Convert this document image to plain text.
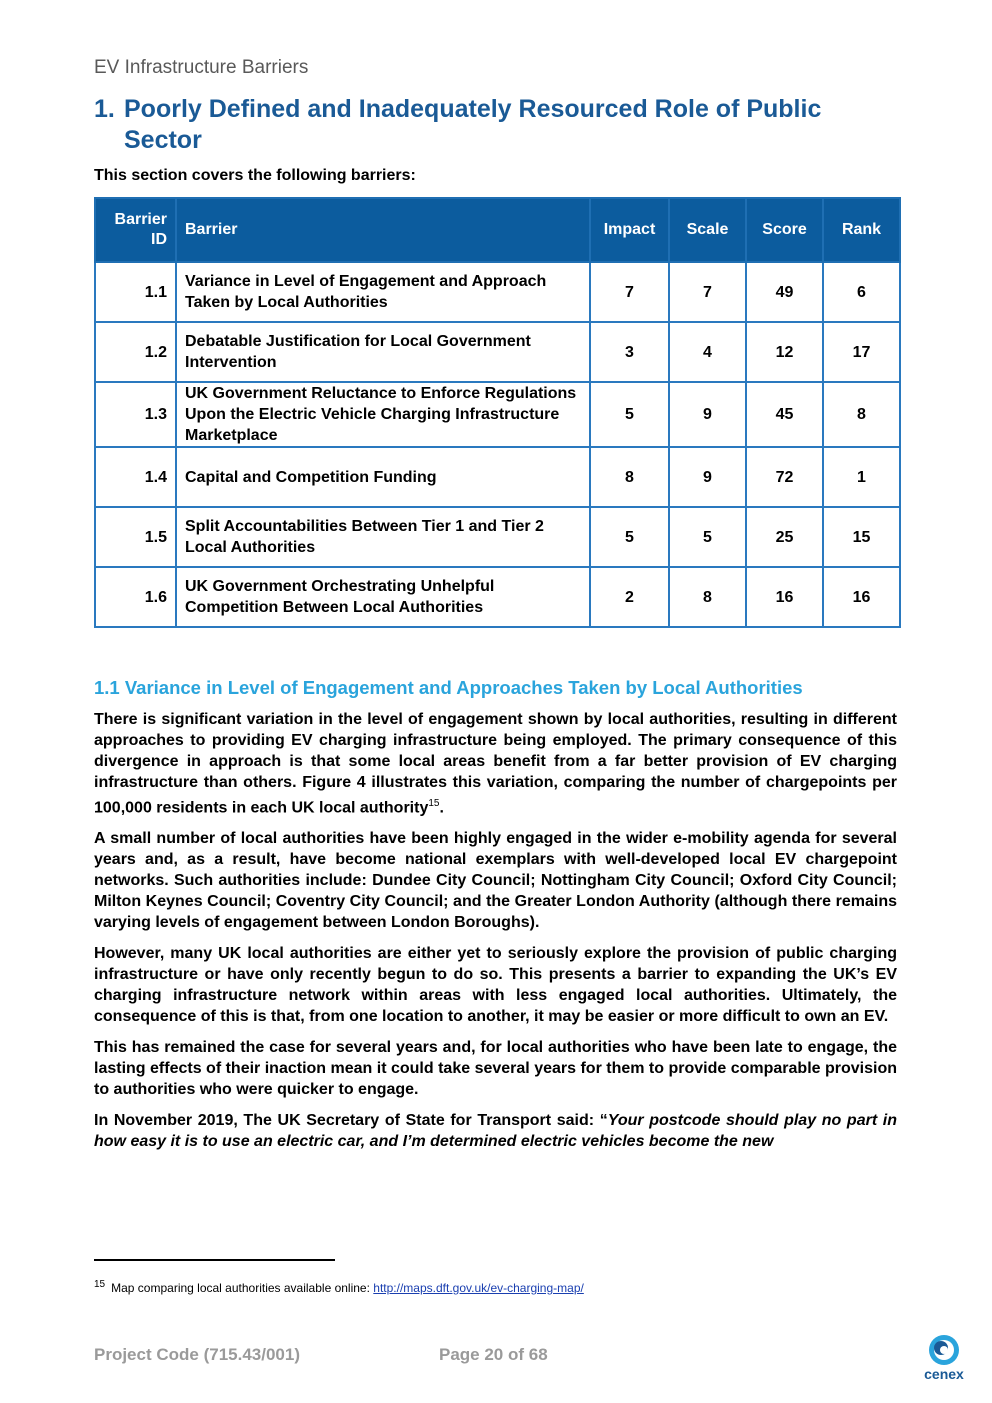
EV Infrastructure Barriers
1. Poorly Defined and Inadequately Resourced Role of Public
Sector
This section covers the following barriers:
Barrier
ID	Barrier	Impact	Scale	Score	Rank
1.1	Variance in Level of Engagement and Approach Taken by Local Authorities	7	7	49	6
1.2	Debatable Justification for Local Government Intervention	3	4	12	17
1.3	UK Government Reluctance to Enforce Regulations Upon the Electric Vehicle Charging Infrastructure Marketplace	5	9	45	8
1.4	Capital and Competition Funding	8	9	72	1
1.5	Split Accountabilities Between Tier 1 and Tier 2 Local Authorities	5	5	25	15
1.6	UK Government Orchestrating Unhelpful Competition Between Local Authorities	2	8	16	16
1.1 Variance in Level of Engagement and Approaches Taken by Local Authorities

There is significant variation in the level of engagement shown by local authorities, resulting in different approaches to providing EV charging infrastructure being employed. The primary consequence of this divergence in approach is that some local areas benefit from a far better provision of EV charging infrastructure than others. Figure 4 illustrates this variation, comparing the number of chargepoints per 100,000 residents in each UK local authority$^{15}$.

A small number of local authorities have been highly engaged in the wider e-mobility agenda for several years and, as a result, have become national exemplars with well-developed local EV chargepoint networks. Such authorities include: Dundee City Council; Nottingham City Council; Oxford City Council; Milton Keynes Council; Coventry City Council; and the Greater London Authority (although there remains varying levels of engagement between London Boroughs).

However, many UK local authorities are either yet to seriously explore the provision of public charging infrastructure or have only recently begun to do so. This presents a barrier to expanding the UK’s EV charging infrastructure network within areas with less engaged local authorities. Ultimately, the consequence of this is that, from one location to another, it may be easier or more difficult to own an EV.

This has remained the case for several years and, for local authorities who have been late to engage, the lasting effects of their inaction mean it could take several years for them to provide comparable provision to authorities who were quicker to engage.

In November 2019, The UK Secretary of State for Transport said: “Your postcode should play no part in how easy it is to use an electric car, and I’m determined electric vehicles become the new

$^{15}$ Map comparing local authorities available online: http://maps.dft.gov.uk/ev-charging-map/
Project Code (715.43/001)	Page 20 of 68
cenex
